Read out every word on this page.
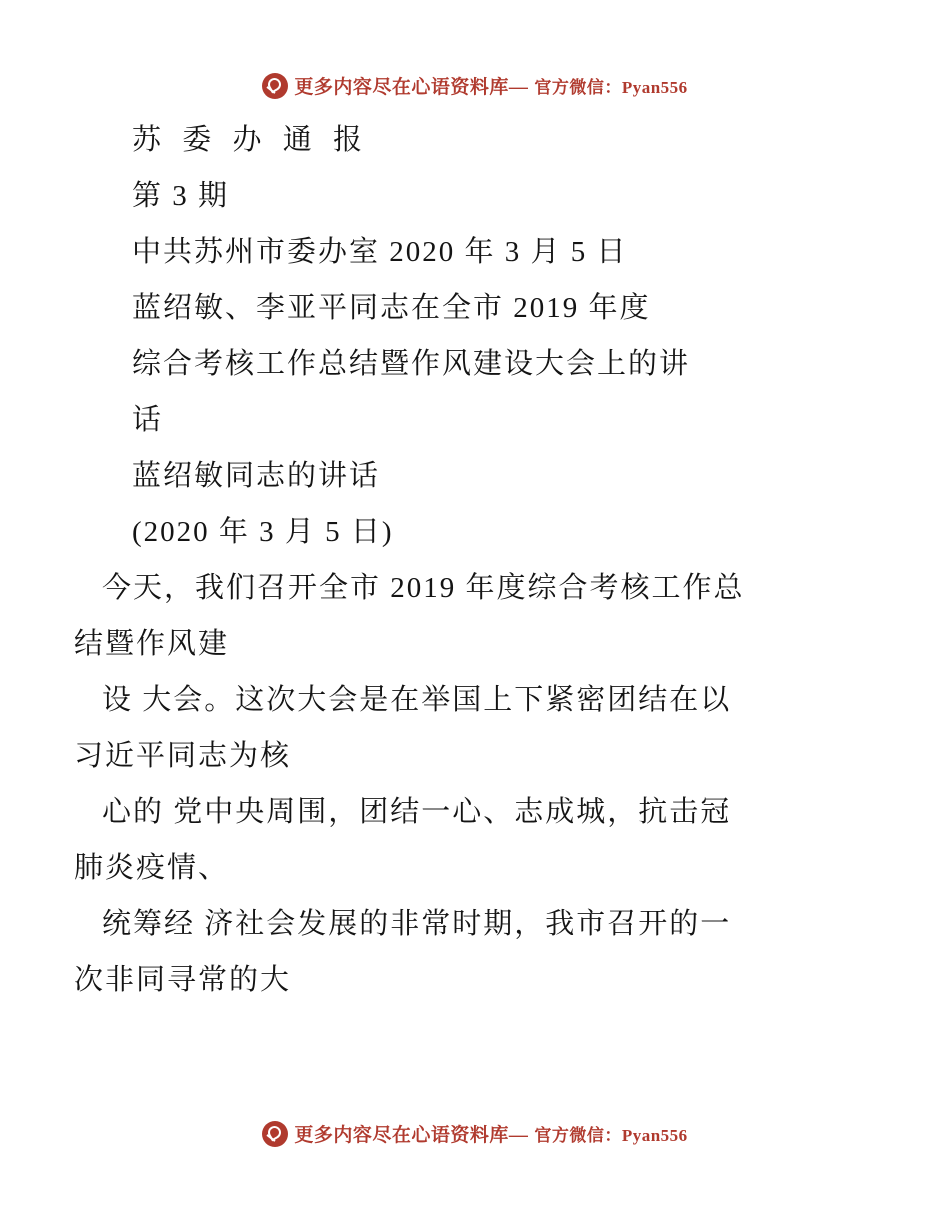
更多内容尽在心语资料库— 官方微信：Pyan556
苏 委 办 通 报
第 3 期
中共苏州市委办室 2020 年 3 月 5 日
蓝绍敏、李亚平同志在全市 2019 年度
综合考核工作总结暨作风建设大会上的讲
话
蓝绍敏同志的讲话
(2020 年 3 月 5 日)
今天，我们召开全市 2019 年度综合考核工作总
结暨作风建
设 大会。这次大会是在举国上下紧密团结在以
习近平同志为核
心的 党中央周围，团结一心、志成城，抗击冠
肺炎疫情、
统筹经 济社会发展的非常时期，我市召开的一
次非同寻常的大
更多内容尽在心语资料库— 官方微信：Pyan556
